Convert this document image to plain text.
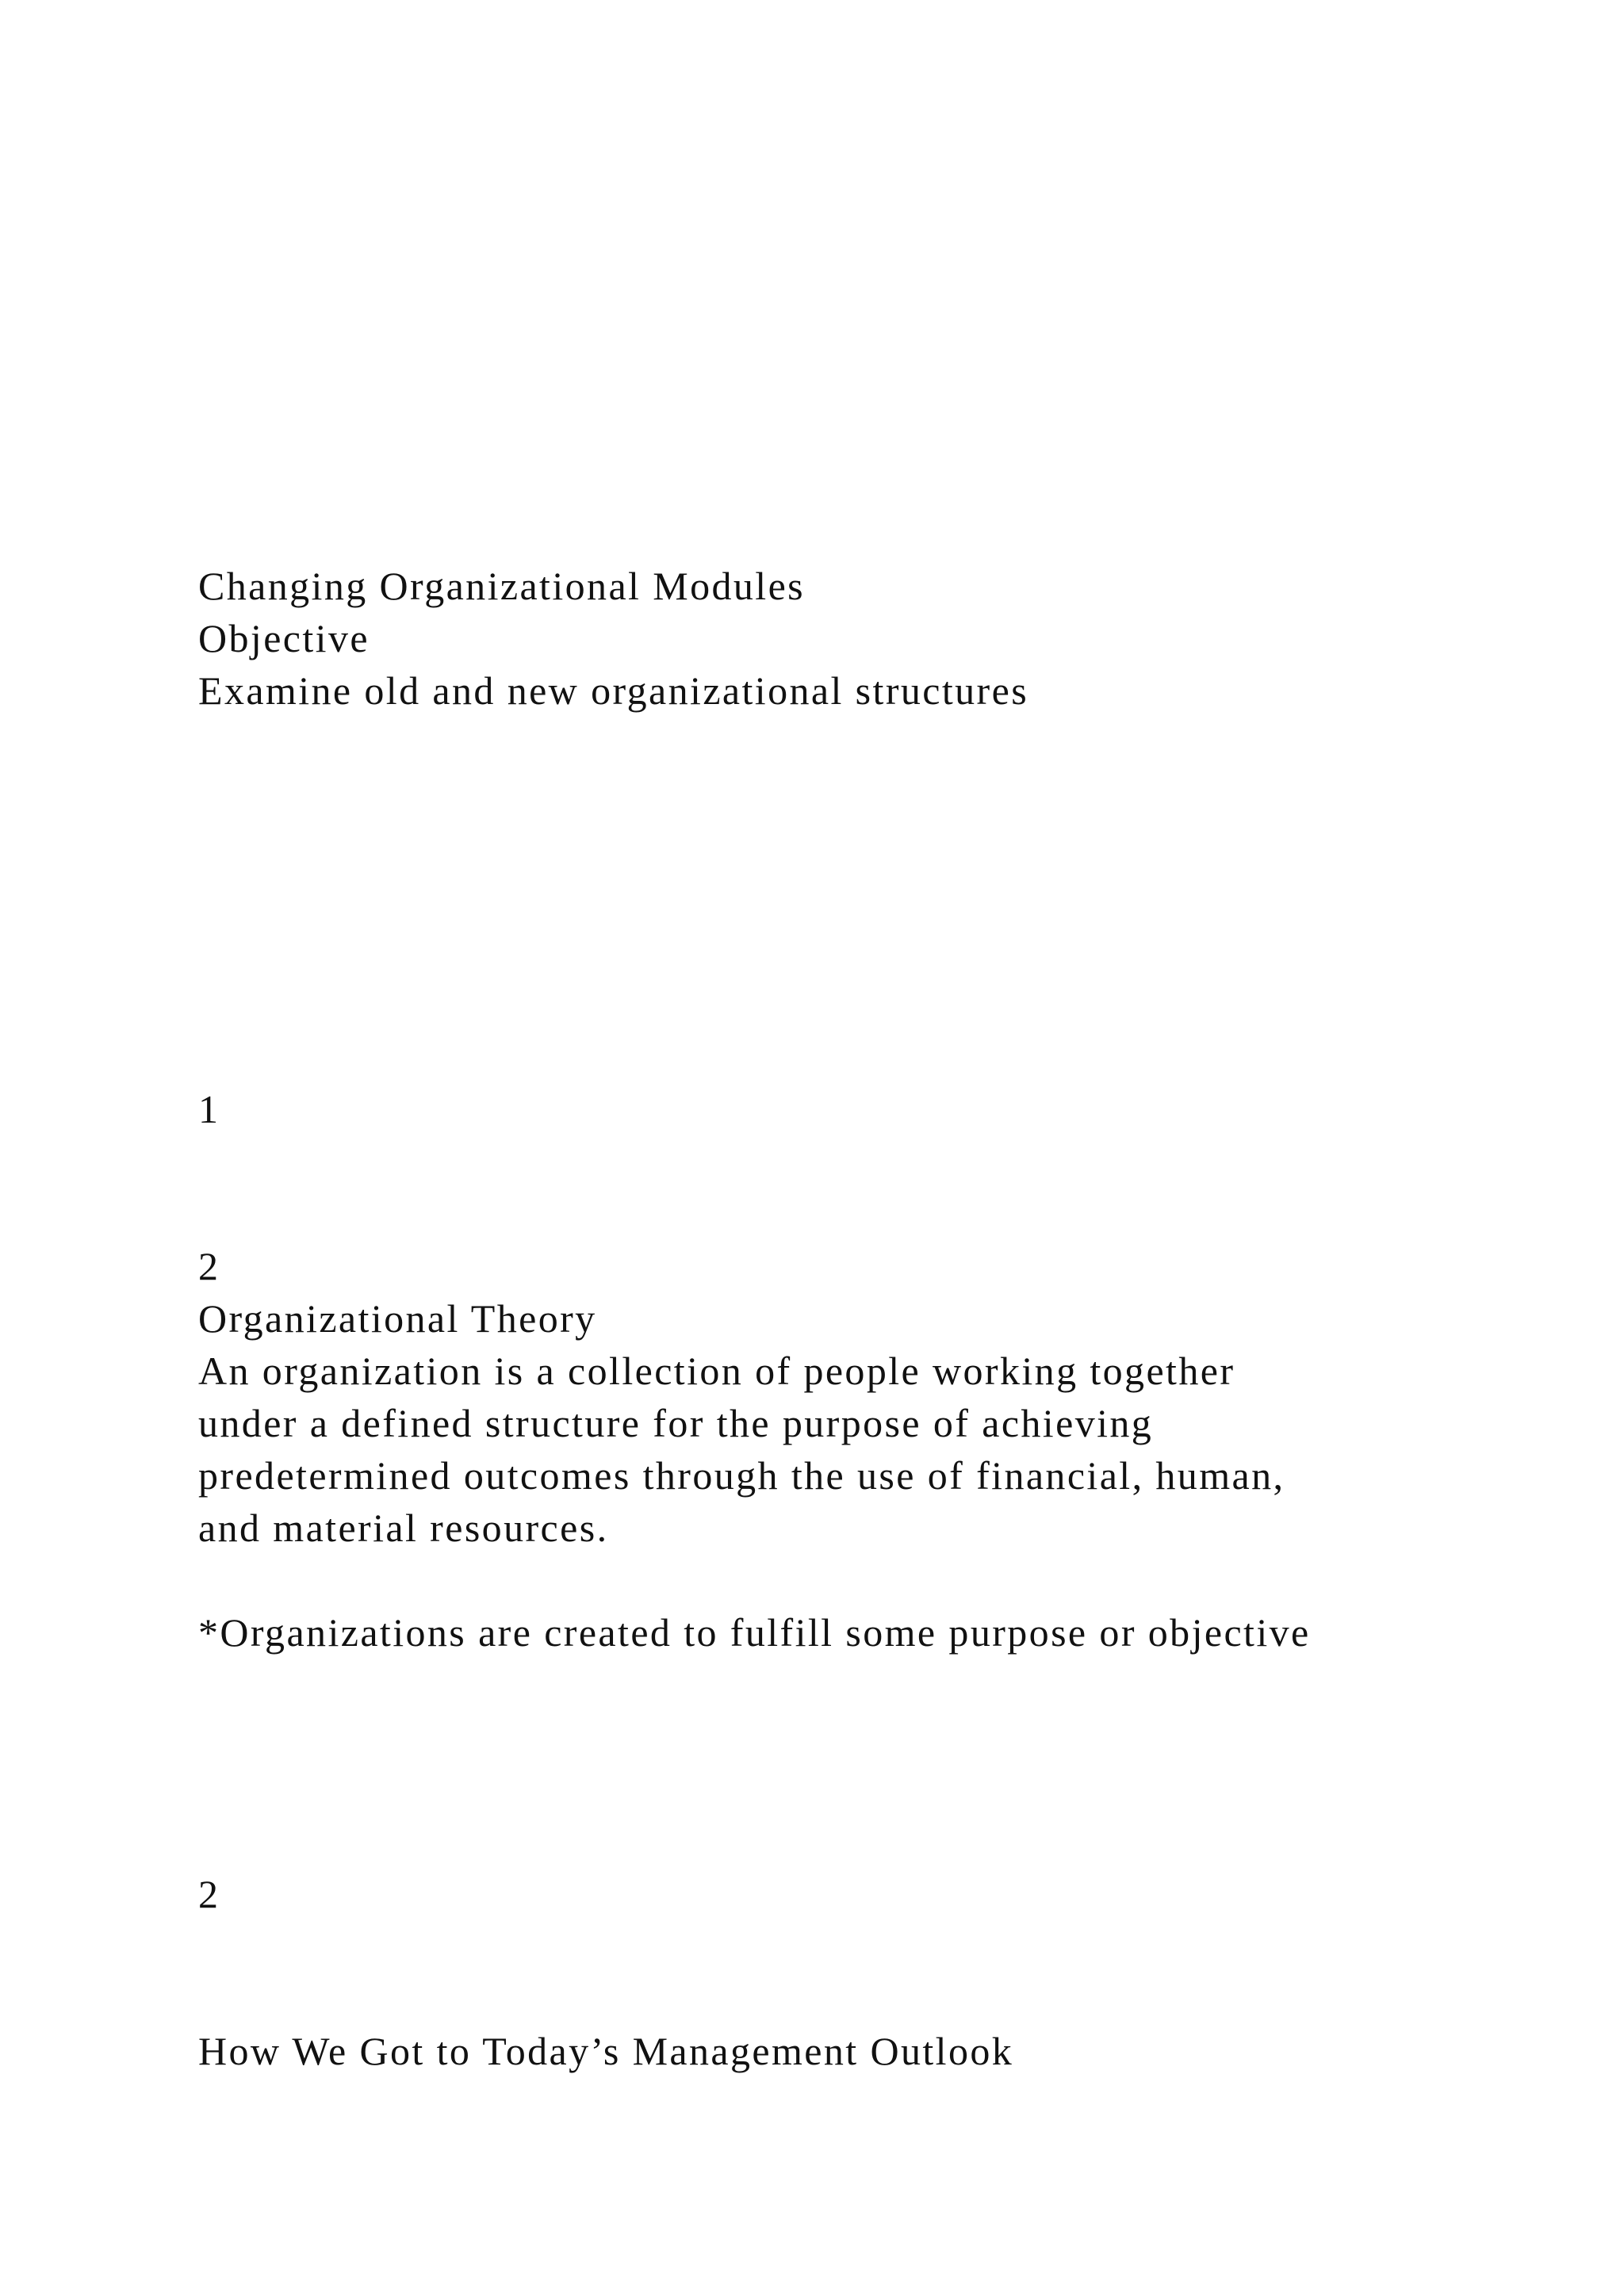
Changing Organizational Modules

Objective

Examine old and new organizational structures

1

2

Organizational Theory

An organization is a collection of people working together

under a defined structure for the purpose of achieving

predetermined outcomes through the use of financial, human,

and material resources.

*Organizations are created to fulfill some purpose or objective

2

How We Got to Today’s Management Outlook
